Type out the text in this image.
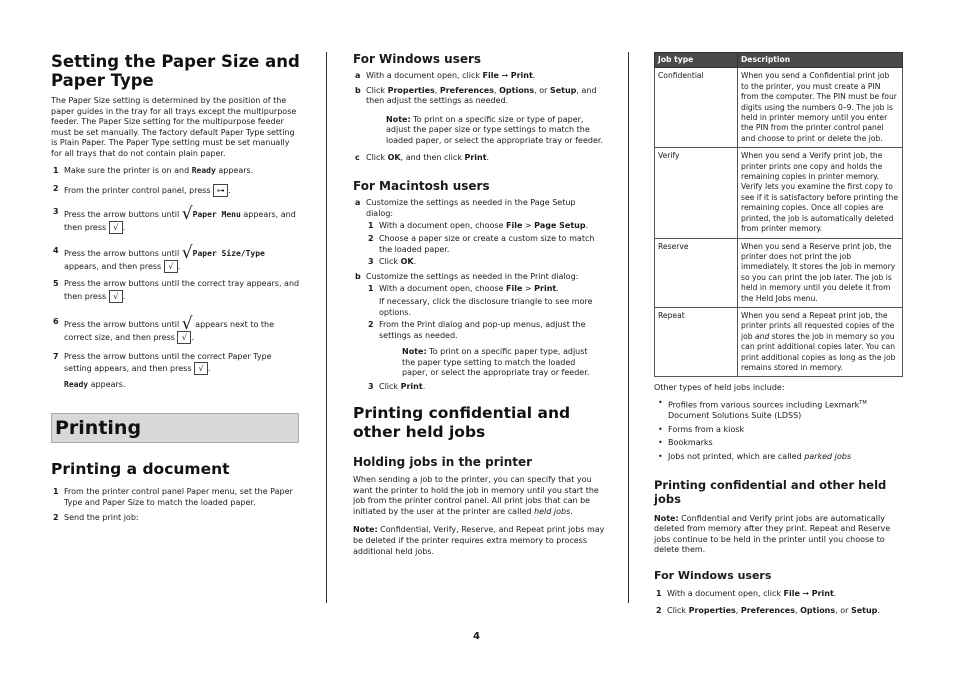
Setting the Paper Size and Paper Type

The Paper Size setting is determined by the position of the paper guides in the tray for all trays except the multipurpose feeder. The Paper Size setting for the multipurpose feeder must be set manually. The factory default Paper Type setting is Plain Paper. The Paper Type setting must be set manually for all trays that do not contain plain paper.

1 Make sure the printer is on and Ready appears.
2 From the printer control panel, press ⊶ .
3 Press the arrow buttons until √Paper Menu appears, and then press √ .
4 Press the arrow buttons until √Paper Size/Type appears, and then press √ .
5 Press the arrow buttons until the correct tray appears, and then press √ .
6 Press the arrow buttons until √ appears next to the correct size, and then press √ .
7 Press the arrow buttons until the correct Paper Type setting appears, and then press √ .
Ready appears.
Printing
Printing a document
1 From the printer control panel Paper menu, set the Paper Type and Paper Size to match the loaded paper.
2 Send the print job:
For Windows users
a With a document open, click File ➞ Print.
b Click Properties, Preferences, Options, or Setup, and then adjust the settings as needed.
Note: To print on a specific size or type of paper, adjust the paper size or type settings to match the loaded paper, or select the appropriate tray or feeder.
c Click OK, and then click Print.
For Macintosh users
a Customize the settings as needed in the Page Setup dialog:
1 With a document open, choose File > Page Setup.
2 Choose a paper size or create a custom size to match the loaded paper.
3 Click OK.
b Customize the settings as needed in the Print dialog:
1 With a document open, choose File > Print.
If necessary, click the disclosure triangle to see more options.
2 From the Print dialog and pop-up menus, adjust the settings as needed.
Note: To print on a specific paper type, adjust the paper type setting to match the loaded paper, or select the appropriate tray or feeder.
3 Click Print.
Printing confidential and other held jobs
Holding jobs in the printer

When sending a job to the printer, you can specify that you want the printer to hold the job in memory until you start the job from the printer control panel. All print jobs that can be initiated by the user at the printer are called held jobs.

Note: Confidential, Verify, Reserve, and Repeat print jobs may be deleted if the printer requires extra memory to process additional held jobs.

Job type	Description
Confidential	When you send a Confidential print job to the printer, you must create a PIN from the computer. The PIN must be four digits using the numbers 0–9. The job is held in printer memory until you enter the PIN from the printer control panel and choose to print or delete the job.
Verify	When you send a Verify print job, the printer prints one copy and holds the remaining copies in printer memory. Verify lets you examine the first copy to see if it is satisfactory before printing the remaining copies. Once all copies are printed, the job is automatically deleted from printer memory.
Reserve	When you send a Reserve print job, the printer does not print the job immediately. It stores the job in memory so you can print the job later. The job is held in memory until you delete it from the Held Jobs menu.
Repeat	When you send a Repeat print job, the printer prints all requested copies of the job and stores the job in memory so you can print additional copies later. You can print additional copies as long as the job remains stored in memory.

Other types of held jobs include:

• Profiles from various sources including Lexmark™ Document Solutions Suite (LDSS)
• Forms from a kiosk
• Bookmarks
• Jobs not printed, which are called parked jobs
Printing confidential and other held jobs

Note: Confidential and Verify print jobs are automatically deleted from memory after they print. Repeat and Reserve jobs continue to be held in the printer until you choose to delete them.

For Windows users
1 With a document open, click File ➞ Print.
2 Click Properties, Preferences, Options, or Setup.
4
